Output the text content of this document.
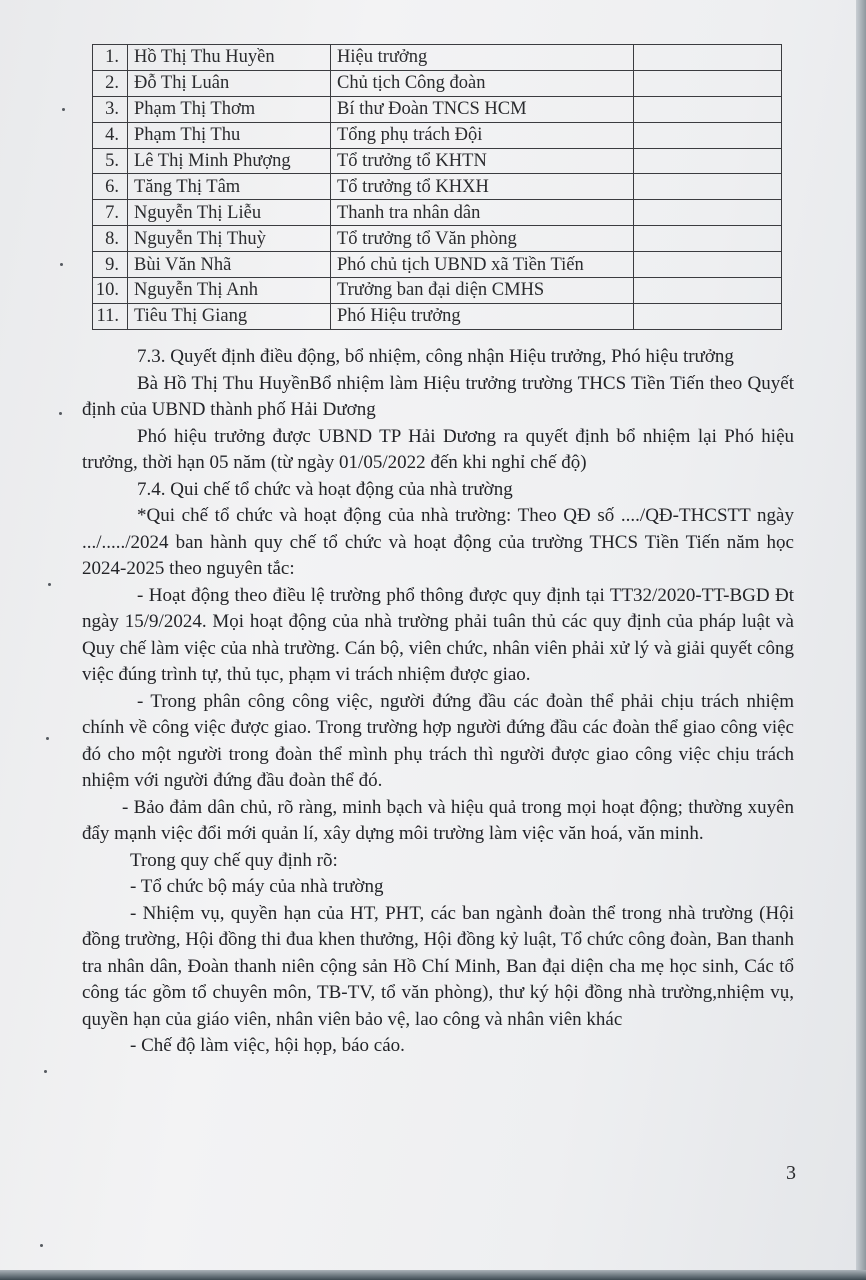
1.	Hồ Thị Thu Huyền	Hiệu trưởng	
2.	Đỗ Thị Luân	Chủ tịch Công đoàn	
3.	Phạm Thị Thơm	Bí thư Đoàn TNCS HCM	
4.	Phạm Thị Thu	Tổng phụ trách Đội	
5.	Lê Thị Minh Phượng	Tổ trưởng tổ KHTN	
6.	Tăng Thị Tâm	Tổ trưởng tổ KHXH	
7.	Nguyễn Thị Liễu	Thanh tra nhân dân	
8.	Nguyễn Thị Thuỳ	Tổ trưởng tổ Văn phòng	
9.	Bùi Văn Nhã	Phó chủ tịch UBND xã Tiền Tiến	
10.	Nguyễn Thị Anh	Trưởng ban đại diện CMHS	
11.	Tiêu Thị Giang	Phó Hiệu trưởng	

7.3. Quyết định điều động, bổ nhiệm, công nhận Hiệu trưởng, Phó hiệu trưởng

Bà Hồ Thị Thu HuyềnBổ nhiệm làm Hiệu trưởng trường THCS Tiền Tiến theo Quyết định của UBND thành phố Hải Dương

Phó hiệu trưởng được UBND TP Hải Dương ra quyết định bổ nhiệm lại Phó hiệu trưởng, thời hạn 05 năm (từ ngày 01/05/2022 đến khi nghỉ chế độ)

7.4. Qui chế tổ chức và hoạt động của nhà trường

*Qui chế tổ chức và hoạt động của nhà trường: Theo QĐ số ..../QĐ-THCSTT ngày .../...../2024 ban hành quy chế tổ chức và hoạt động của trường THCS Tiền Tiến năm học 2024-2025 theo nguyên tắc:

- Hoạt động theo điều lệ trường phổ thông được quy định tại TT32/2020-TT-BGD Đt ngày 15/9/2024. Mọi hoạt động của nhà trường phải tuân thủ các quy định của pháp luật và Quy chế làm việc của nhà trường. Cán bộ, viên chức, nhân viên phải xử lý và giải quyết công việc đúng trình tự, thủ tục, phạm vi trách nhiệm được giao.

- Trong phân công công việc, người đứng đầu các đoàn thể phải chịu trách nhiệm chính về công việc được giao. Trong trường hợp người đứng đầu các đoàn thể giao công việc đó cho một người trong đoàn thể mình phụ trách thì người được giao công việc chịu trách nhiệm với người đứng đầu đoàn thể đó.

- Bảo đảm dân chủ, rõ ràng, minh bạch và hiệu quả trong mọi hoạt động; thường xuyên đẩy mạnh việc đổi mới quản lí, xây dựng môi trường làm việc văn hoá, văn minh.

Trong quy chế quy định rõ:

- Tổ chức bộ máy của nhà trường

- Nhiệm vụ, quyền hạn của HT, PHT, các ban ngành đoàn thể trong nhà trường (Hội đồng trường, Hội đồng thi đua khen thưởng, Hội đồng kỷ luật, Tổ chức công đoàn, Ban thanh tra nhân dân, Đoàn thanh niên cộng sản Hồ Chí Minh, Ban đại diện cha mẹ học sinh, Các tổ công tác gồm tổ chuyên môn, TB-TV, tổ văn phòng), thư ký hội đồng nhà trường,nhiệm vụ, quyền hạn của giáo viên, nhân viên bảo vệ, lao công và nhân viên khác

- Chế độ làm việc, hội họp, báo cáo.

3
